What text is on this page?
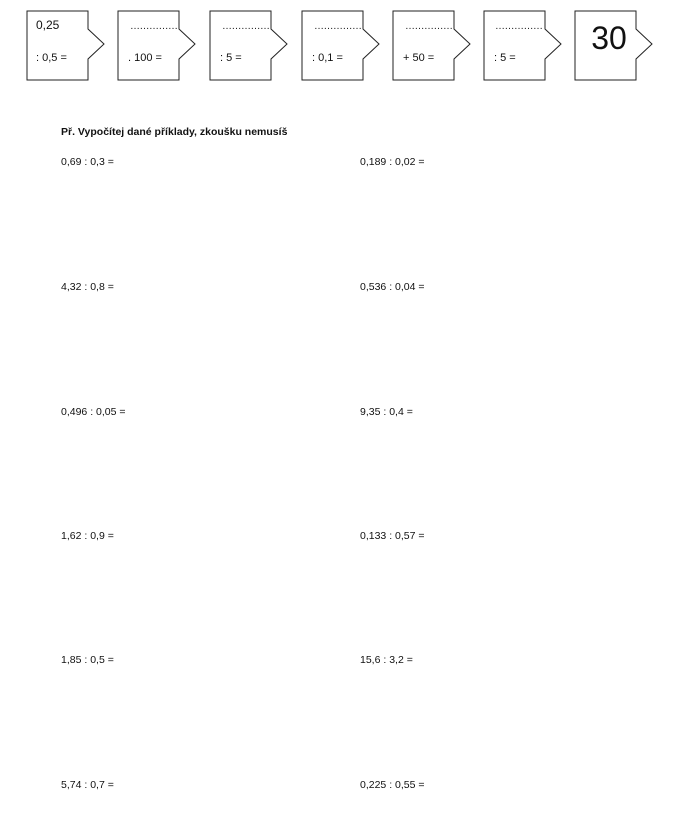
0,25
: 0,5 =
……………
. 100 =
……………
: 5 =
……………
: 0,1 =
……………
+ 50 =
……………
: 5 =
30
Př. Vypočítej dané příklady, zkoušku nemusíš
0,69 : 0,3 =
4,32 : 0,8 =
0,496 : 0,05 =
1,62 : 0,9 =
1,85 : 0,5 =
5,74 : 0,7 =
0,189 : 0,02 =
0,536 : 0,04 =
9,35 : 0,4 =
0,133 : 0,57 =
15,6 : 3,2 =
0,225 : 0,55 =
